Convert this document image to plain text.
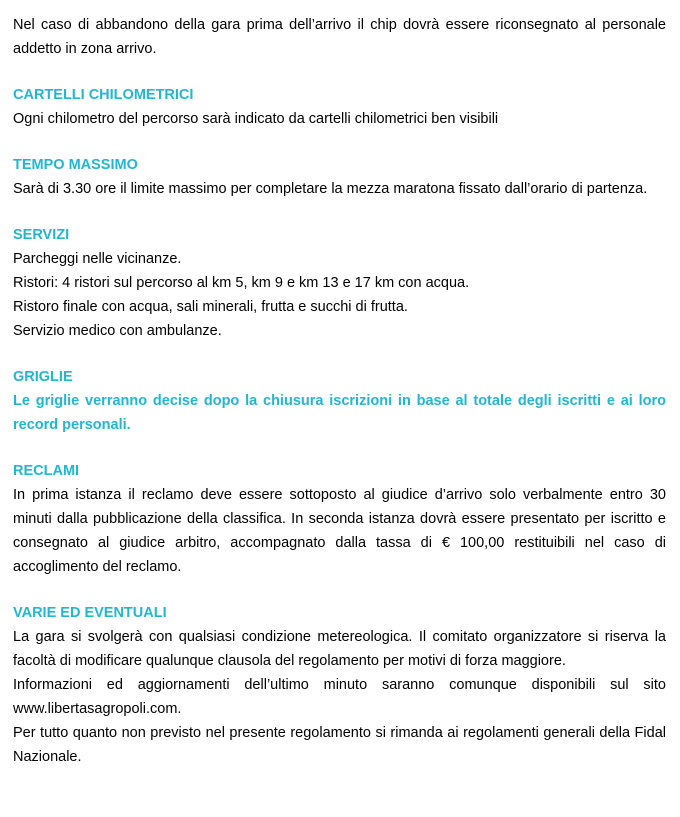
Nel caso di abbandono della gara prima dell’arrivo il chip dovrà essere riconsegnato al personale addetto in zona arrivo.

CARTELLI CHILOMETRICI

Ogni chilometro del percorso sarà indicato da cartelli chilometrici ben visibili

TEMPO MASSIMO

Sarà di 3.30 ore il limite massimo per completare la mezza maratona fissato dall’orario di partenza.

SERVIZI

Parcheggi nelle vicinanze.

Ristori: 4 ristori sul percorso al km 5, km 9 e km 13 e 17 km con acqua.

Ristoro finale con acqua, sali minerali, frutta e succhi di frutta.

Servizio medico con ambulanze.

GRIGLIE

Le griglie verranno decise dopo la chiusura iscrizioni in base al totale degli iscritti e ai loro record personali.

RECLAMI

In prima istanza il reclamo deve essere sottoposto al giudice d’arrivo solo verbalmente entro 30 minuti dalla pubblicazione della classifica. In seconda istanza dovrà essere presentato per iscritto e consegnato al giudice arbitro, accompagnato dalla tassa di € 100,00 restituibili nel caso di accoglimento del reclamo.

VARIE ED EVENTUALI

La gara si svolgerà con qualsiasi condizione metereologica. Il comitato organizzatore si riserva la facoltà di modificare qualunque clausola del regolamento per motivi di forza maggiore.

Informazioni ed aggiornamenti dell’ultimo minuto saranno comunque disponibili sul sito www.libertasagropoli.com.

Per tutto quanto non previsto nel presente regolamento si rimanda ai regolamenti generali della Fidal Nazionale.
